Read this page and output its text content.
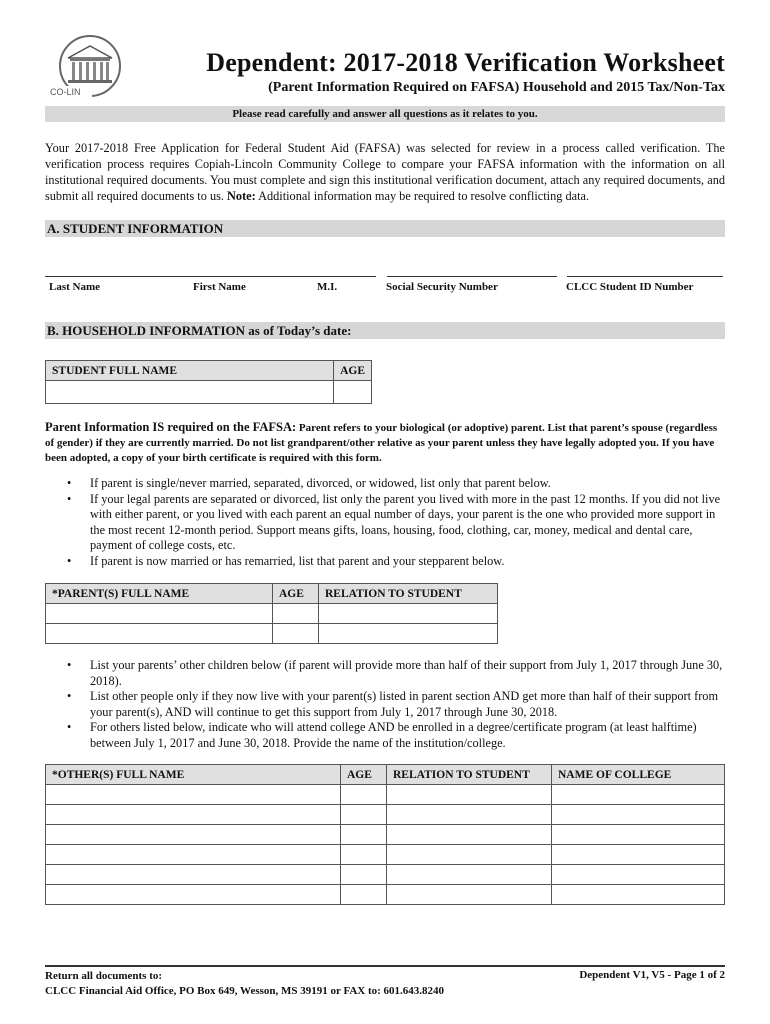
CO-LIN
Dependent: 2017-2018 Verification Worksheet
(Parent Information Required on FAFSA) Household and 2015 Tax/Non-Tax
Please read carefully and answer all questions as it relates to you.
Your 2017-2018 Free Application for Federal Student Aid (FAFSA) was selected for review in a process called verification. The verification process requires Copiah-Lincoln Community College to compare your FAFSA information with the information on all institutional required documents. You must complete and sign this institutional verification document, attach any required documents, and submit all required documents to us. Note: Additional information may be required to resolve conflicting data.
A. STUDENT INFORMATION
Last Name	First Name	M.I.	Social Security Number	CLCC Student ID Number
B. HOUSEHOLD INFORMATION as of Today’s date:
STUDENT FULL NAME	AGE

Parent Information IS required on the FAFSA: Parent refers to your biological (or adoptive) parent. List that parent’s spouse (regardless of gender) if they are currently married. Do not list grandparent/other relative as your parent unless they have legally adopted you. If you have been adopted, a copy of your birth certificate is required with this form.
• If parent is single/never married, separated, divorced, or widowed, list only that parent below.
• If your legal parents are separated or divorced, list only the parent you lived with more in the past 12 months. If you did not live with either parent, or you lived with each parent an equal number of days, your parent is the one who provided more support in the most recent 12-month period. Support means gifts, loans, housing, food, clothing, car, money, medical and dental care, payment of college costs, etc.
• If parent is now married or has remarried, list that parent and your stepparent below.
*PARENT(S) FULL NAME	AGE	RELATION TO STUDENT

• List your parents’ other children below (if parent will provide more than half of their support from July 1, 2017 through June 30, 2018).
• List other people only if they now live with your parent(s) listed in parent section AND get more than half of their support from your parent(s), AND will continue to get this support from July 1, 2017 through June 30, 2018.
• For others listed below, indicate who will attend college AND be enrolled in a degree/certificate program (at least halftime) between July 1, 2017 and June 30, 2018. Provide the name of the institution/college.
*OTHER(S) FULL NAME	AGE	RELATION TO STUDENT	NAME OF COLLEGE

Return all documents to:
CLCC Financial Aid Office, PO Box 649, Wesson, MS 39191 or FAX to: 601.643.8240
Dependent V1, V5 - Page 1 of 2
